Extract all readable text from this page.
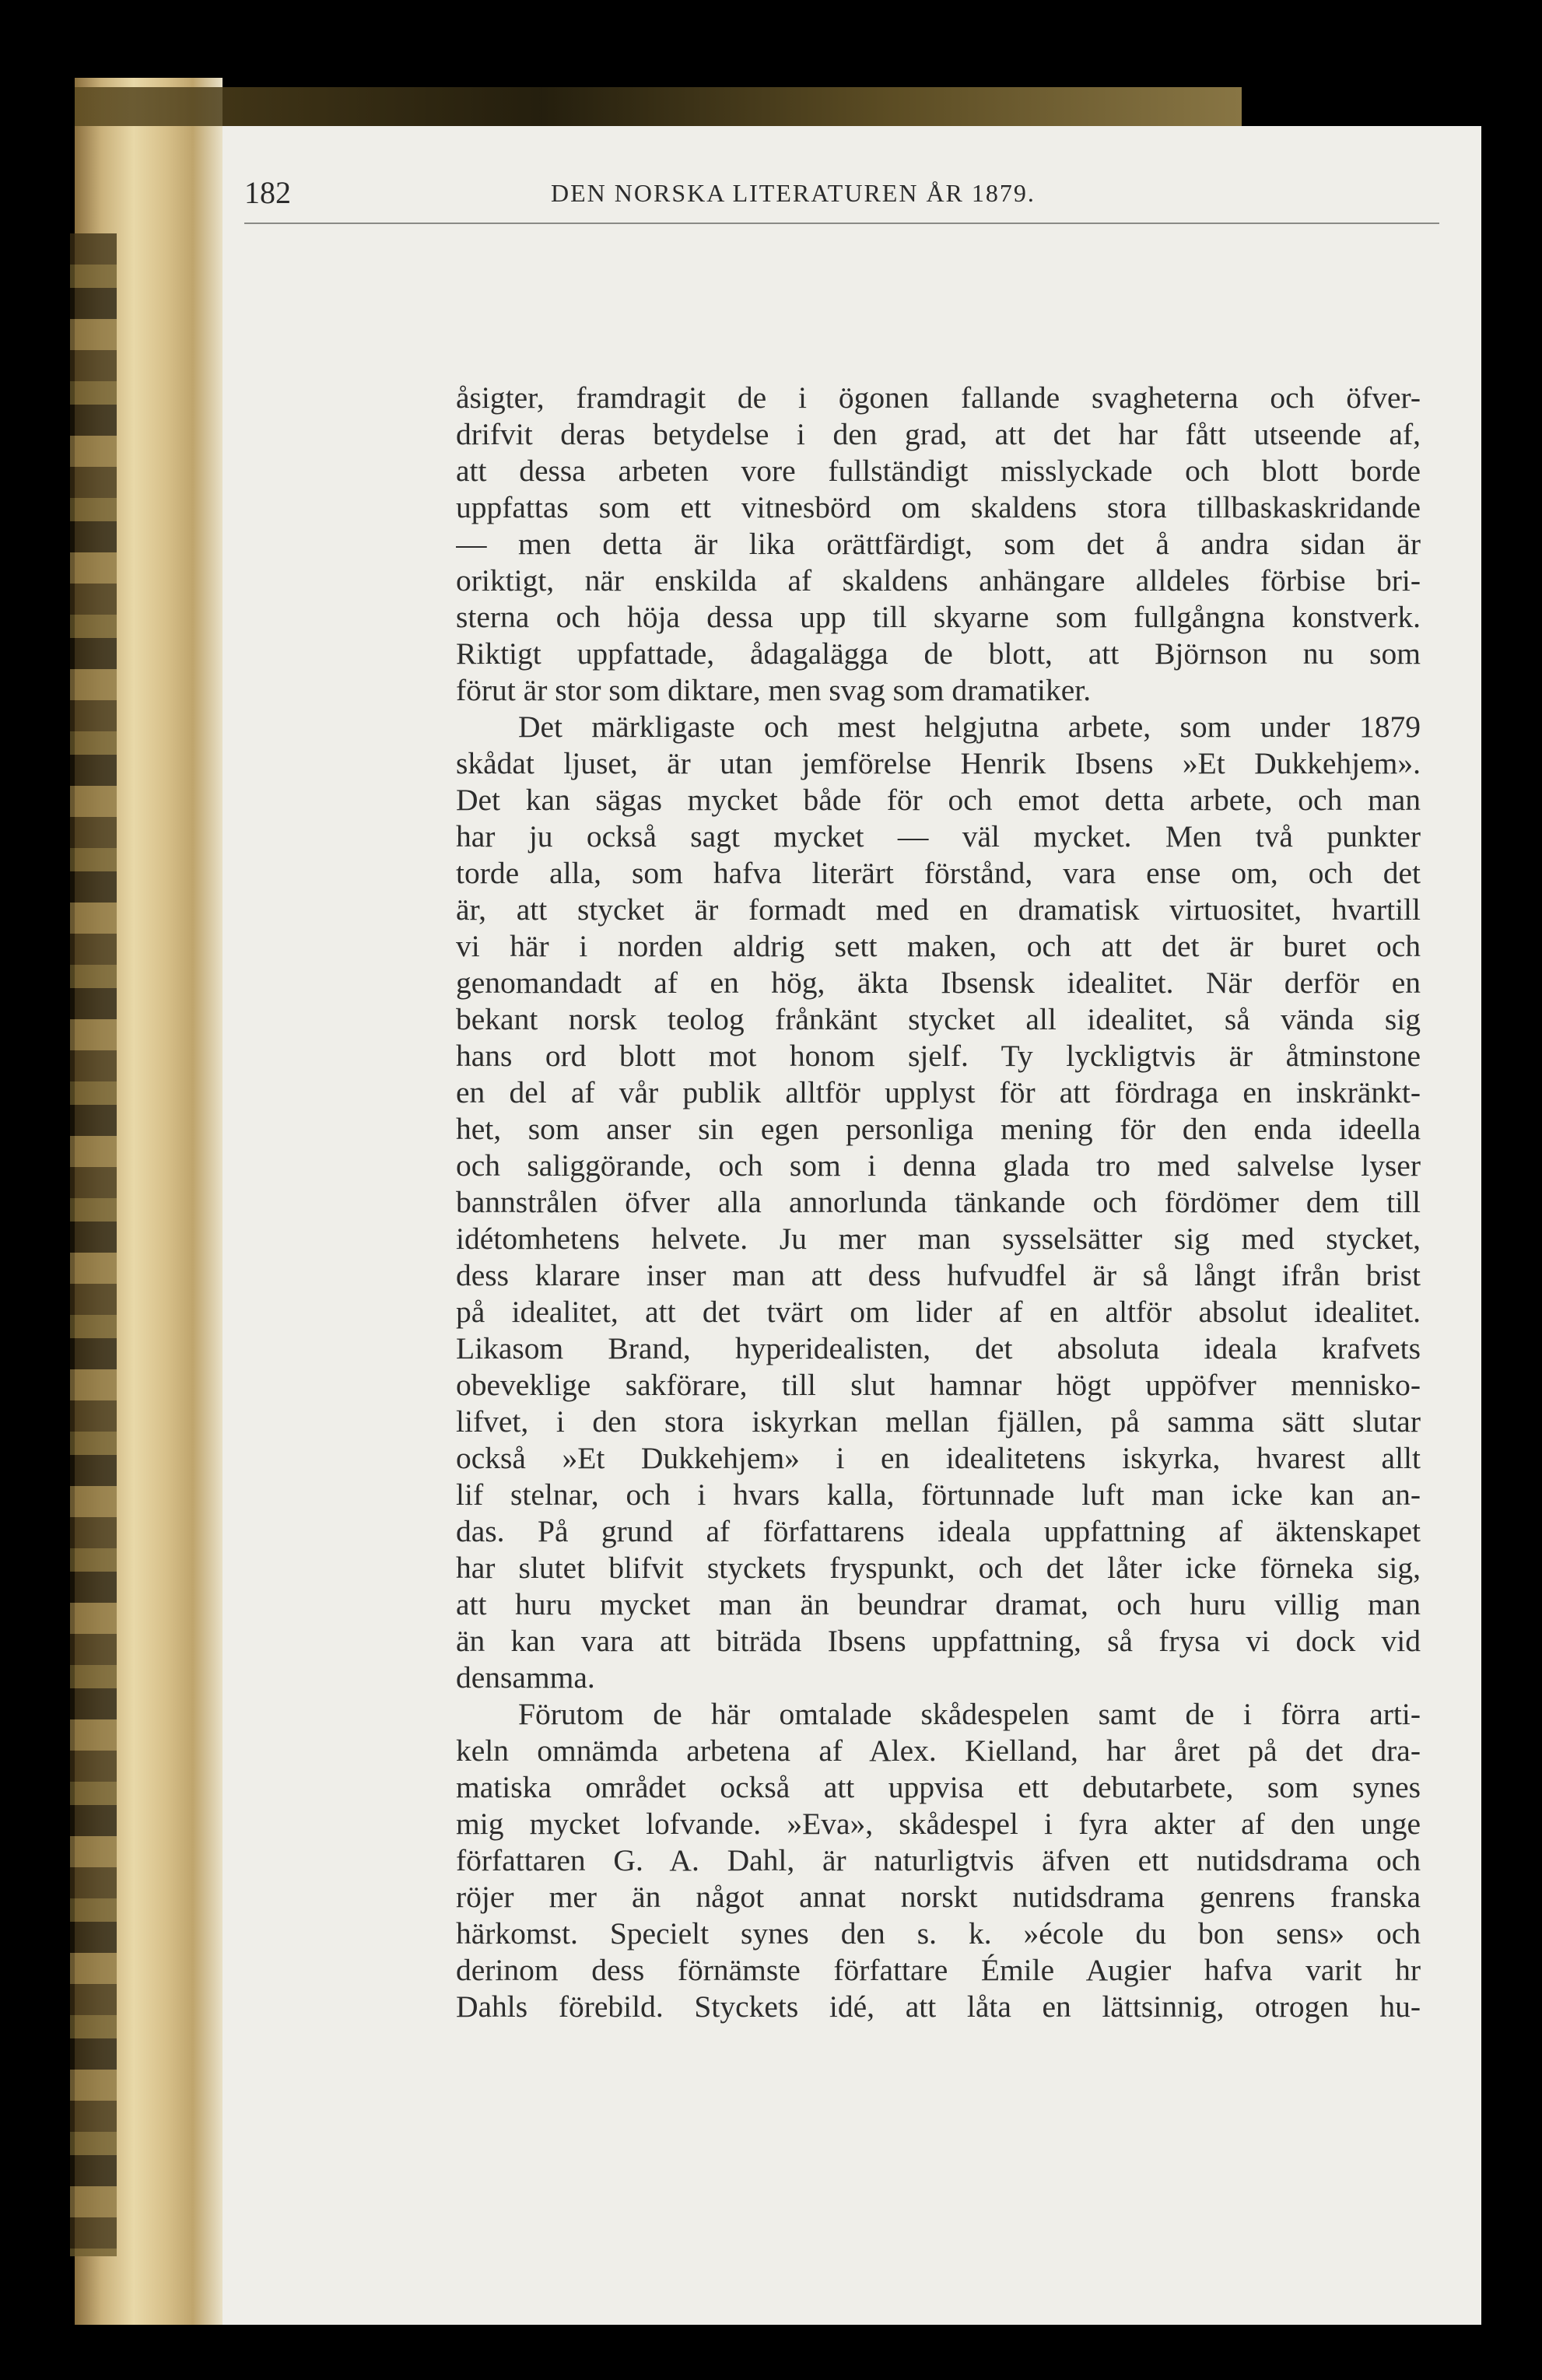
182	DEN NORSKA LITERATUREN ÅR 1879.
åsigter, framdragit de i ögonen fallande svagheterna och öfver-
drifvit deras betydelse i den grad, att det har fått utseende af,
att dessa arbeten vore fullständigt misslyckade och blott borde
uppfattas som ett vitnesbörd om skaldens stora tillbaskaskridande
— men detta är lika orättfärdigt, som det å andra sidan är
oriktigt, när enskilda af skaldens anhängare alldeles förbise bri-
sterna och höja dessa upp till skyarne som fullgångna konstverk.
Riktigt uppfattade, ådagalägga de blott, att Björnson nu som
förut är stor som diktare, men svag som dramatiker.
Det märkligaste och mest helgjutna arbete, som under 1879
skådat ljuset, är utan jemförelse Henrik Ibsens »Et Dukkehjem».
Det kan sägas mycket både för och emot detta arbete, och man
har ju också sagt mycket — väl mycket. Men två punkter
torde alla, som hafva literärt förstånd, vara ense om, och det
är, att stycket är formadt med en dramatisk virtuositet, hvartill
vi här i norden aldrig sett maken, och att det är buret och
genomandadt af en hög, äkta Ibsensk idealitet. När derför en
bekant norsk teolog frånkänt stycket all idealitet, så vända sig
hans ord blott mot honom sjelf. Ty lyckligtvis är åtminstone
en del af vår publik alltför upplyst för att fördraga en inskränkt-
het, som anser sin egen personliga mening för den enda ideella
och saliggörande, och som i denna glada tro med salvelse lyser
bannstrålen öfver alla annorlunda tänkande och fördömer dem till
idétomhetens helvete. Ju mer man sysselsätter sig med stycket,
dess klarare inser man att dess hufvudfel är så långt ifrån brist
på idealitet, att det tvärt om lider af en altför absolut idealitet.
Likasom Brand, hyperidealisten, det absoluta ideala krafvets
obeveklige sakförare, till slut hamnar högt uppöfver mennisko-
lifvet, i den stora iskyrkan mellan fjällen, på samma sätt slutar
också »Et Dukkehjem» i en idealitetens iskyrka, hvarest allt
lif stelnar, och i hvars kalla, förtunnade luft man icke kan an-
das. På grund af författarens ideala uppfattning af äktenskapet
har slutet blifvit styckets fryspunkt, och det låter icke förneka sig,
att huru mycket man än beundrar dramat, och huru villig man
än kan vara att biträda Ibsens uppfattning, så frysa vi dock vid
densamma.
Förutom de här omtalade skådespelen samt de i förra arti-
keln omnämda arbetena af Alex. Kielland, har året på det dra-
matiska området också att uppvisa ett debutarbete, som synes
mig mycket lofvande. »Eva», skådespel i fyra akter af den unge
författaren G. A. Dahl, är naturligtvis äfven ett nutidsdrama och
röjer mer än något annat norskt nutidsdrama genrens franska
härkomst. Specielt synes den s. k. »école du bon sens» och
derinom dess förnämste författare Émile Augier hafva varit hr
Dahls förebild. Styckets idé, att låta en lättsinnig, otrogen hu-
